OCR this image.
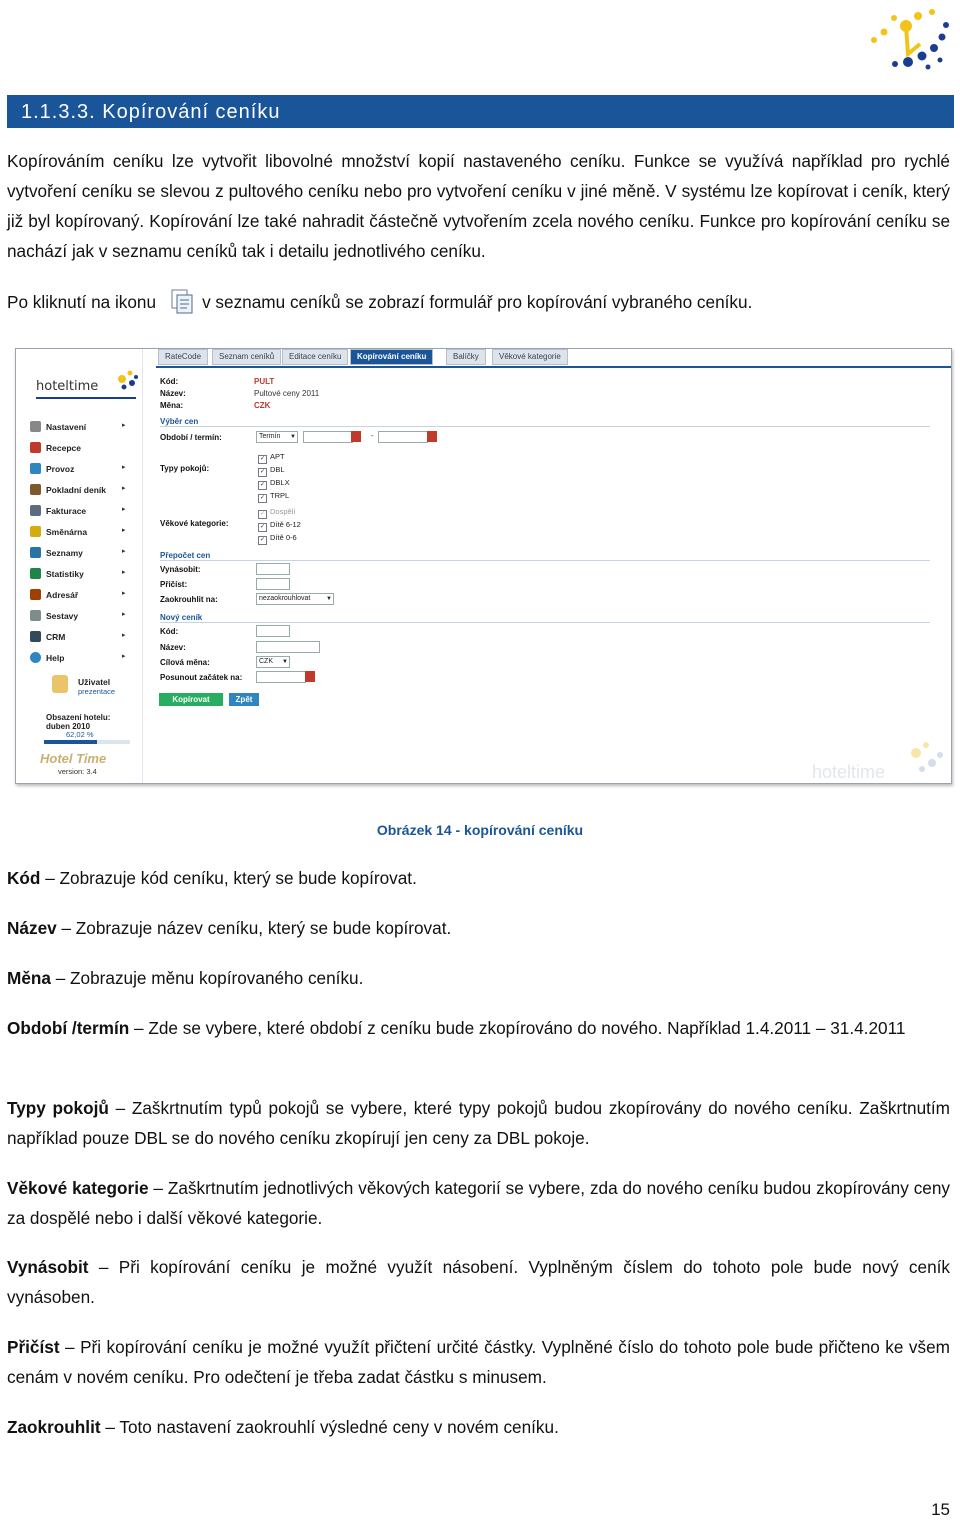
1.1.3.3. Kopírování ceníku

Kopírováním ceníku lze vytvořit libovolné množství kopií nastaveného ceníku. Funkce se využívá například pro rychlé vytvoření ceníku se slevou z pultového ceníku nebo pro vytvoření ceníku v jiné měně. V systému lze kopírovat i ceník, který již byl kopírovaný. Kopírování lze také nahradit částečně vytvořením zcela nového ceníku. Funkce pro kopírování ceníku se nachází jak v seznamu ceníků tak i detailu jednotlivého ceníku.

Po kliknutí na ikonu	v seznamu ceníků se zobrazí formulář pro kopírování vybraného ceníku.
hoteltime
Nastavení	▸
Recepce
Provoz	▸
Pokladní deník ▸
Fakturace	▸
Směnárna	▸
Seznamy	▸
Statistiky	▸
Adresář	▸
Sestavy	▸
CRM	▸
Help	▸
Uživatel
prezentace
Obsazení hotelu:
duben 2010
62,02 %
Hotel Time
version: 3.4
RateCode	Seznam ceníků	Editace ceníku	Kopírování ceníku	Balíčky	Věkové kategorie
Kód:	PULT
Název:	Pultové ceny 2011
Měna:	CZK
Výběr cen
Období / termín:	Termín ▼	-
Typy pokojů:
✓ APT
✓ DBL
✓ DBLX
✓ TRPL
Věkové kategorie:
✓ Dospělí
✓ Dítě 6-12
✓ Dítě 0-6
Přepočet cen
Vynásobit:
Přičíst:
Zaokrouhlit na:	nezaokrouhlovat	▼
Nový ceník
Kód:
Název:
Cílová měna:	CZK ▼
Posunout začátek na:
Kopírovat	Zpět
hoteltime
Obrázek 14 - kopírování ceníku
Kód – Zobrazuje kód ceníku, který se bude kopírovat.
Název – Zobrazuje název ceníku, který se bude kopírovat.
Měna – Zobrazuje měnu kopírovaného ceníku.
Období /termín – Zde se vybere, které období z ceníku bude zkopírováno do nového. Například 1.4.2011 – 31.4.2011
Typy pokojů – Zaškrtnutím typů pokojů se vybere, které typy pokojů budou zkopírovány do nového ceníku. Zaškrtnutím například pouze DBL se do nového ceníku zkopírují jen ceny za DBL pokoje.
Věkové kategorie – Zaškrtnutím jednotlivých věkových kategorií se vybere, zda do nového ceníku budou zkopírovány ceny za dospělé nebo i další věkové kategorie.
Vynásobit – Při kopírování ceníku je možné využít násobení. Vyplněným číslem do tohoto pole bude nový ceník vynásoben.
Přičíst – Při kopírování ceníku je možné využít přičtení určité částky. Vyplněné číslo do tohoto pole bude přičteno ke všem cenám v novém ceníku. Pro odečtení je třeba zadat částku s minusem.
Zaokrouhlit – Toto nastavení zaokrouhlí výsledné ceny v novém ceníku.
15
